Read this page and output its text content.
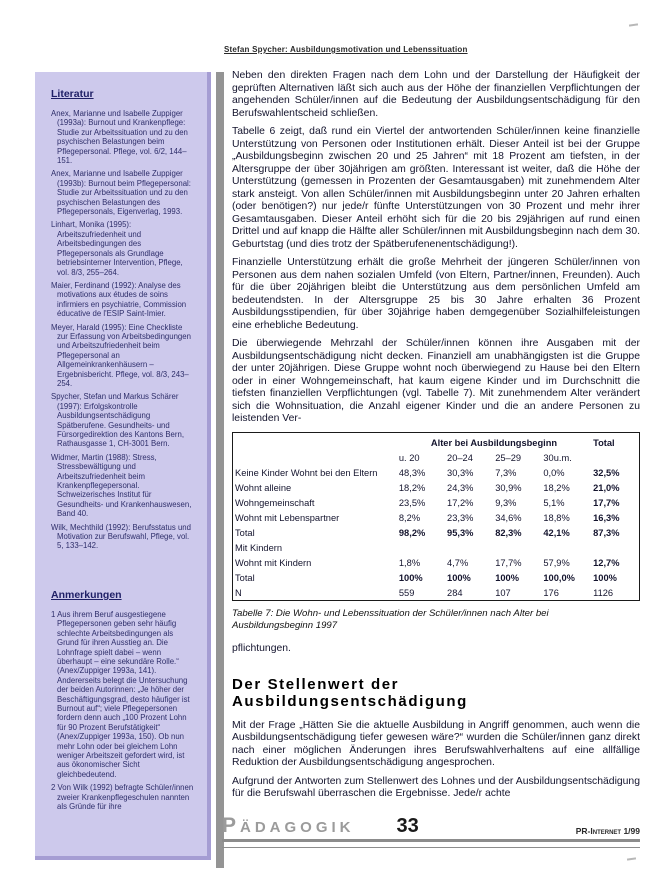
Stefan Spycher: Ausbildungsmotivation und Lebenssituation
Literatur
Anex, Marianne und Isabelle Zuppiger (1993a): Burnout und Krankenpflege: Studie zur Arbeitssituation und zu den psychischen Belastungen beim Pflegepersonal. Pflege, vol. 6/2, 144–151.
Anex, Marianne und Isabelle Zuppiger (1993b): Burnout beim Pflegepersonal: Studie zur Arbeitssituation und zu den psychischen Belastungen des Pflegepersonals, Eigenverlag, 1993.
Linhart, Monika (1995): Arbeitszufriedenheit und Arbeitsbedingungen des Pflegepersonals als Grundlage betriebsinterner Intervention, Pflege, vol. 8/3, 255–264.
Maier, Ferdinand (1992): Analyse des motivations aux études de soins infirmiers en psychiatrie, Commission éducative de l'ESIP Saint-Imier.
Meyer, Harald (1995): Eine Checkliste zur Erfassung von Arbeitsbedingungen und Arbeitszufriedenheit beim Pflegepersonal an Allgemeinkrankenhäusern – Ergebnisbericht. Pflege, vol. 8/3, 243–254.
Spycher, Stefan und Markus Schärer (1997): Erfolgskontrolle Ausbildungsentschädigung Spätberufene. Gesundheits- und Fürsorgedirektion des Kantons Bern, Rathausgasse 1, CH-3001 Bern.
Widmer, Martin (1988): Stress, Stressbewältigung und Arbeitszufriedenheit beim Krankenpflegepersonal. Schweizerisches Institut für Gesundheits- und Krankenhauswesen, Band 40.
Wilk, Mechthild (1992): Berufsstatus und Motivation zur Berufswahl, Pflege, vol. 5, 133–142.
Anmerkungen
1 Aus ihrem Beruf ausgestiegene Pflegepersonen geben sehr häufig schlechte Arbeitsbedingungen als Grund für ihren Ausstieg an. Die Lohnfrage spielt dabei – wenn überhaupt – eine sekundäre Rolle.“ (Anex/Zuppiger 1993a, 141). Andererseits belegt die Untersuchung der beiden Autorinnen: „Je höher der Beschäftigungsgrad, desto häufiger ist Burnout auf“; viele Pflegepersonen fordern denn auch „100 Prozent Lohn für 90 Prozent Berufstätigkeit“ (Anex/Zuppiger 1993a, 150). Ob nun mehr Lohn oder bei gleichem Lohn weniger Arbeitszeit gefordert wird, ist aus ökonomischer Sicht gleichbedeutend.
2 Von Wilk (1992) befragte Schüler/innen zweier Krankenpflegeschulen nannten als Gründe für ihre

Neben den direkten Fragen nach dem Lohn und der Darstellung der Häufigkeit der geprüften Alternativen läßt sich auch aus der Höhe der finanziellen Verpflichtungen der angehenden Schüler/innen auf die Bedeutung der Ausbildungsentschädigung für den Berufswahlentscheid schließen.

Tabelle 6 zeigt, daß rund ein Viertel der antwortenden Schüler/innen keine finanzielle Unterstützung von Personen oder Institutionen erhält. Dieser Anteil ist bei der Gruppe „Ausbildungsbeginn zwischen 20 und 25 Jahren“ mit 18 Prozent am tiefsten, in der Altersgruppe der über 30jährigen am größten. Interessant ist weiter, daß die Höhe der Unterstützung (gemessen in Prozenten der Gesamtausgaben) mit zunehmendem Alter stark ansteigt. Von allen Schüler/innen mit Ausbildungsbeginn unter 20 Jahren erhalten (oder benötigen?) nur jede/r fünfte Unterstützungen von 30 Prozent und mehr ihrer Gesamtausgaben. Dieser Anteil erhöht sich für die 20 bis 29jährigen auf rund einen Drittel und auf knapp die Hälfte aller Schüler/innen mit Ausbildungsbeginn nach dem 30. Geburtstag (und dies trotz der Spätberufenenentschädigung!).

Finanzielle Unterstützung erhält die große Mehrheit der jüngeren Schüler/innen von Personen aus dem nahen sozialen Umfeld (von Eltern, Partner/innen, Freunden). Auch für die über 20jährigen bleibt die Unterstützung aus dem persönlichen Umfeld am bedeutendsten. In der Altersgruppe 25 bis 30 Jahre erhalten 36 Prozent Ausbildungsstipendien, für über 30jährige haben demgegenüber Sozialhilfeleistungen eine erhebliche Bedeutung.

Die überwiegende Mehrzahl der Schüler/innen können ihre Ausgaben mit der Ausbildungsentschädigung nicht decken. Finanziell am unabhängigsten ist die Gruppe der unter 20jährigen. Diese Gruppe wohnt noch überwiegend zu Hause bei den Eltern oder in einer Wohngemeinschaft, hat kaum eigene Kinder und im Durchschnitt die tiefsten finanziellen Verpflichtungen (vgl. Tabelle 7). Mit zunehmendem Alter verändert sich die Wohnsituation, die Anzahl eigener Kinder und die an andere Personen zu leistenden Ver-

	Alter bei Ausbildungsbeginn				Total
	u. 20	20–24	25–29	30u.m.	
Keine Kinder Wohnt bei den Eltern	48,3%	30,3%	7,3%	0,0%	32,5%
Wohnt alleine	18,2%	24,3%	30,9%	18,2%	21,0%
Wohngemeinschaft	23,5%	17,2%	9,3%	5,1%	17,7%
Wohnt mit Lebenspartner	8,2%	23,3%	34,6%	18,8%	16,3%
Total	98,2%	95,3%	82,3%	42,1%	87,3%
Mit Kindern					
Wohnt mit Kindern	1,8%	4,7%	17,7%	57,9%	12,7%
Total	100%	100%	100%	100,0%	100%
N	559	284	107	176	1126
Tabelle 7: Die Wohn- und Lebenssituation der Schüler/innen nach Alter bei Ausbildungsbeginn 1997

pflichtungen.

Der Stellenwert der Ausbildungsentschädigung

Mit der Frage „Hätten Sie die aktuelle Ausbildung in Angriff genommen, auch wenn die Ausbildungsentschädigung tiefer gewesen wäre?“ wurden die Schüler/innen ganz direkt nach einer möglichen Änderungen ihres Berufswahlverhaltens auf eine allfällige Reduktion der Ausbildungsentschädigung angesprochen.

Aufgrund der Antworten zum Stellenwert des Lohnes und der Ausbildungsentschädigung für die Berufswahl überraschen die Ergebnisse. Jede/r achte

Pädagogik 33	PR-Internet 1/99
